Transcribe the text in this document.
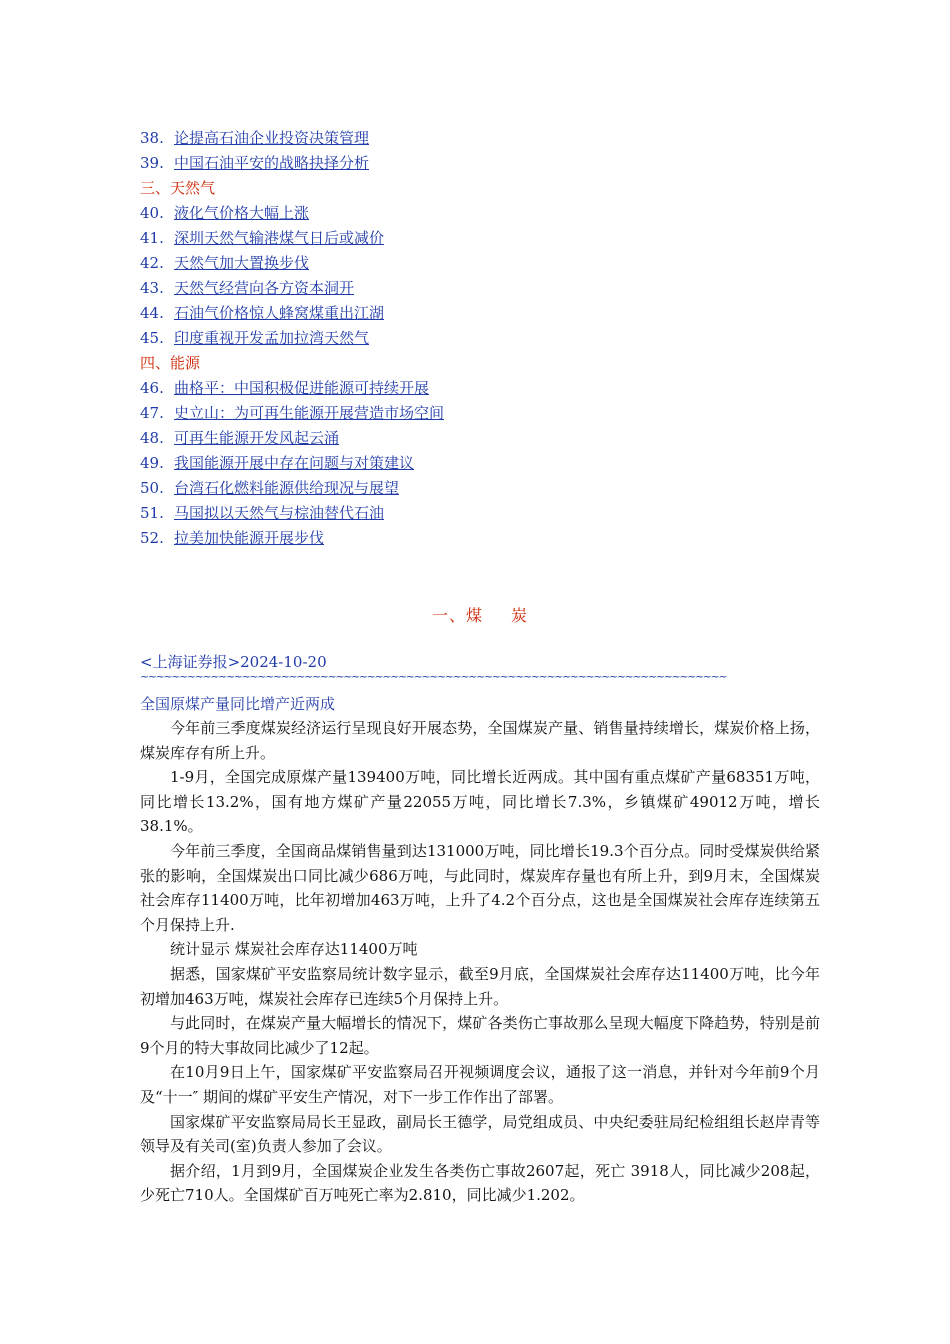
38. 论提高石油企业投资决策管理
39. 中国石油平安的战略抉择分析
三、天然气
40. 液化气价格大幅上涨
41. 深圳天然气输港煤气日后或减价
42. 天然气加大置换步伐
43. 天然气经营向各方资本洞开
44. 石油气价格惊人蜂窝煤重出江湖
45. 印度重视开发孟加拉湾天然气
四、能源
46. 曲格平：中国积极促进能源可持续开展
47. 史立山：为可再生能源开展营造市场空间
48. 可再生能源开发风起云涌
49. 我国能源开展中存在问题与对策建议
50. 台湾石化燃料能源供给现况与展望
51. 马国拟以天然气与棕油替代石油
52. 拉美加快能源开展步伐
一、煤 炭
<上海证券报>2024-10-20
~~~~~~~~~~~~~~~~~~~~~~~~~~~~~~~~~~~~~~~~~~~~~~~~~~~~~~~~~~~~~~~~~~~~~~~~~~~
全国原煤产量同比增产近两成

今年前三季度煤炭经济运行呈现良好开展态势，全国煤炭产量、销售量持续增长，煤炭价格上扬，煤炭库存有所上升。

1-9月，全国完成原煤产量139400万吨，同比增长近两成。其中国有重点煤矿产量68351万吨，同比增长13.2%，国有地方煤矿产量22055万吨，同比增长7.3%，乡镇煤矿49012万吨，增长38.1%。

今年前三季度，全国商品煤销售量到达131000万吨，同比增长19.3个百分点。同时受煤炭供给紧张的影响，全国煤炭出口同比减少686万吨，与此同时，煤炭库存量也有所上升，到9月末，全国煤炭社会库存11400万吨，比年初增加463万吨，上升了4.2个百分点，这也是全国煤炭社会库存连续第五个月保持上升.

统计显示 煤炭社会库存达11400万吨

据悉，国家煤矿平安监察局统计数字显示，截至9月底，全国煤炭社会库存达11400万吨，比今年初增加463万吨，煤炭社会库存已连续5个月保持上升。

与此同时，在煤炭产量大幅增长的情况下，煤矿各类伤亡事故那么呈现大幅度下降趋势，特别是前9个月的特大事故同比减少了12起。

在10月9日上午，国家煤矿平安监察局召开视频调度会议，通报了这一消息，并针对今年前9个月及“十一″ 期间的煤矿平安生产情况，对下一步工作作出了部署。

国家煤矿平安监察局局长王显政，副局长王德学，局党组成员、中央纪委驻局纪检组组长赵岸青等领导及有关司(室)负责人参加了会议。

据介绍，1月到9月，全国煤炭企业发生各类伤亡事故2607起，死亡 3918人，同比减少208起，少死亡710人。全国煤矿百万吨死亡率为2.810，同比减少1.202。
